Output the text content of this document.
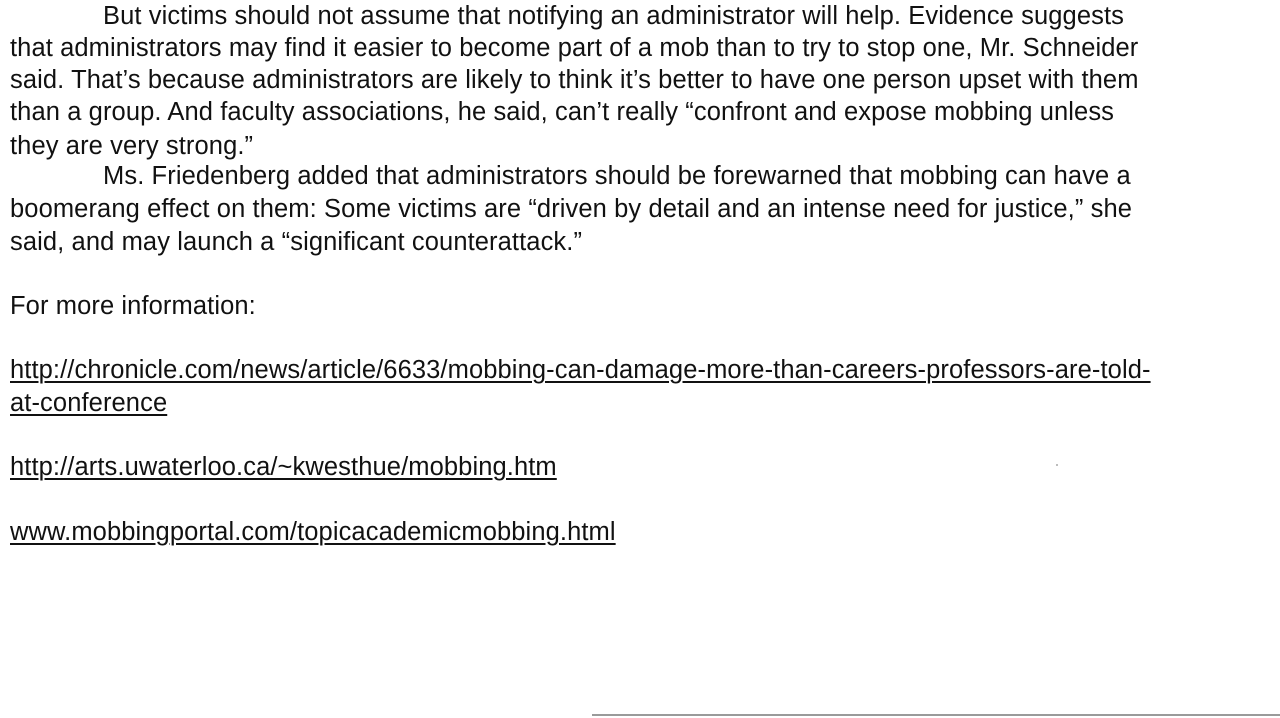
But victims should not assume that notifying an administrator will help. Evidence suggests
that administrators may find it easier to become part of a mob than to try to stop one, Mr. Schneider
said. That’s because administrators are likely to think it’s better to have one person upset with them
than a group. And faculty associations, he said, can’t really “confront and expose mobbing unless
they are very strong.”
Ms. Friedenberg added that administrators should be forewarned that mobbing can have a
boomerang effect on them: Some victims are “driven by detail and an intense need for justice,” she
said, and may launch a “significant counterattack.”
For more information:
http://chronicle.com/news/article/6633/mobbing-can-damage-more-than-careers-professors-are-told-
at-conference
http://arts.uwaterloo.ca/~kwesthue/mobbing.htm
www.mobbingportal.com/topicacademicmobbing.html
